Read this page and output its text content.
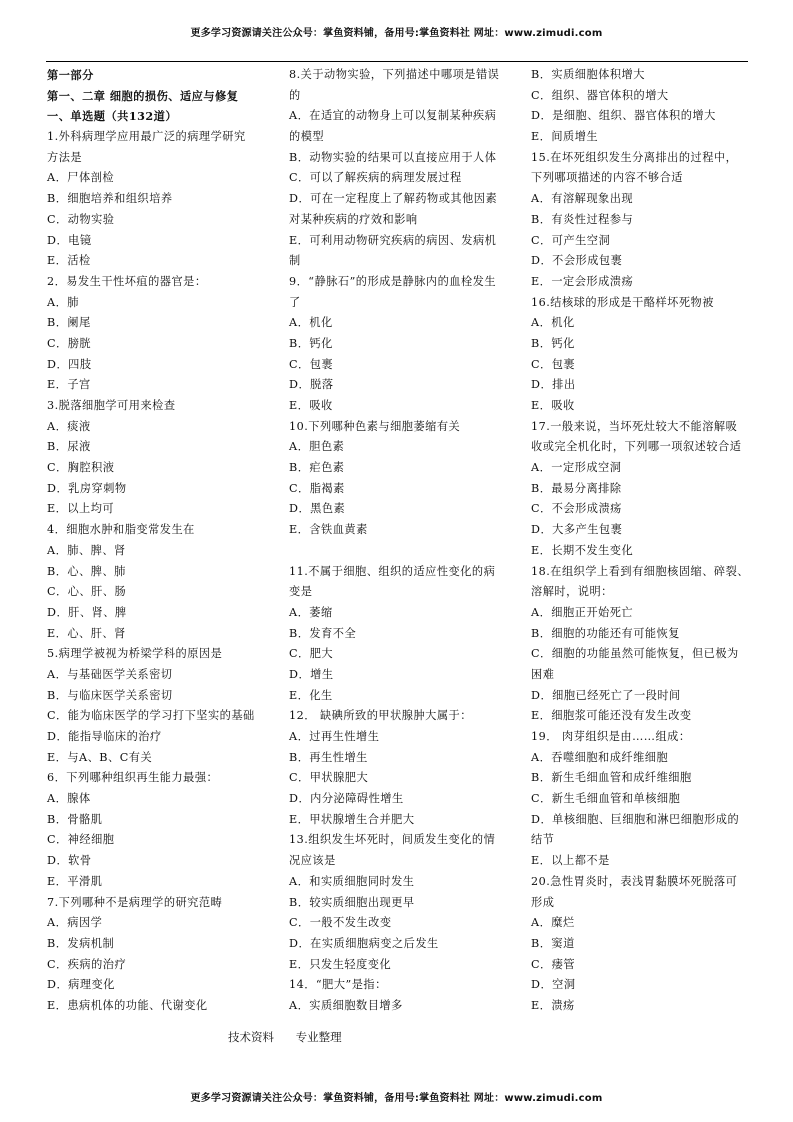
更多学习资源请关注公众号：掌鱼资料铺，备用号:掌鱼资料社 网址：www.zimudi.com
第一部分
第一、二章 细胞的损伤、适应与修复
一、单选题（共132道）
1.外科病理学应用最广泛的病理学研究
方法是
A．尸体剖检
B．细胞培养和组织培养
C．动物实验
D．电镜
E．活检
2．易发生干性坏疽的器官是：
A．肺
B．阑尾
C．膀胱
D．四肢
E．子宫
3.脱落细胞学可用来检查
A．痰液
B．尿液
C．胸腔积液
D．乳房穿刺物
E．以上均可
4．细胞水肿和脂变常发生在
A．肺、脾、肾
B．心、脾、肺
C．心、肝、肠
D．肝、肾、脾
E．心、肝、肾
5.病理学被视为桥梁学科的原因是
A．与基础医学关系密切
B．与临床医学关系密切
C．能为临床医学的学习打下坚实的基础
D．能指导临床的治疗
E．与A、B、C有关
6．下列哪种组织再生能力最强：
A．腺体
B．骨骼肌
C．神经细胞
D．软骨
E．平滑肌
7.下列哪种不是病理学的研究范畴
A．病因学
B．发病机制
C．疾病的治疗
D．病理变化
E．患病机体的功能、代谢变化
8.关于动物实验，下列描述中哪项是错误
的
A．在适宜的动物身上可以复制某种疾病
的模型
B．动物实验的结果可以直接应用于人体
C．可以了解疾病的病理发展过程
D．可在一定程度上了解药物或其他因素
对某种疾病的疗效和影响
E．可利用动物研究疾病的病因、发病机
制
9．“静脉石”的形成是静脉内的血栓发生
了
A．机化
B．钙化
C．包裹
D．脱落
E．吸收
10.下列哪种色素与细胞萎缩有关
A．胆色素
B．疟色素
C．脂褐素
D．黑色素
E．含铁血黄素
11.不属于细胞、组织的适应性变化的病
变是
A．萎缩
B．发育不全
C．肥大
D．增生
E．化生
12． 缺碘所致的甲状腺肿大属于：
A．过再生性增生
B．再生性增生
C．甲状腺肥大
D．内分泌障碍性增生
E．甲状腺增生合并肥大
13.组织发生坏死时，间质发生变化的情
况应该是
A．和实质细胞同时发生
B．较实质细胞出现更早
C．一般不发生改变
D．在实质细胞病变之后发生
E．只发生轻度变化
14．“肥大”是指：
A．实质细胞数目增多
B．实质细胞体积增大
C．组织、器官体积的增大
D．是细胞、组织、器官体积的增大
E．间质增生
15.在坏死组织发生分离排出的过程中，
下列哪项描述的内容不够合适
A．有溶解现象出现
B．有炎性过程参与
C．可产生空洞
D．不会形成包裹
E．一定会形成溃疡
16.结核球的形成是干酪样坏死物被
A．机化
B．钙化
C．包裹
D．排出
E．吸收
17.一般来说，当坏死灶较大不能溶解吸
收或完全机化时，下列哪一项叙述较合适
A．一定形成空洞
B．最易分离排除
C．不会形成溃疡
D．大多产生包裹
E．长期不发生变化
18.在组织学上看到有细胞核固缩、碎裂、
溶解时，说明：
A．细胞正开始死亡
B．细胞的功能还有可能恢复
C．细胞的功能虽然可能恢复，但已极为
困难
D．细胞已经死亡了一段时间
E．细胞浆可能还没有发生改变
19． 肉芽组织是由……组成：
A．吞噬细胞和成纤维细胞
B．新生毛细血管和成纤维细胞
C．新生毛细血管和单核细胞
D．单核细胞、巨细胞和淋巴细胞形成的
结节
E．以上都不是
20.急性胃炎时，表浅胃黏膜坏死脱落可
形成
A．糜烂
B．窦道
C．瘘管
D．空洞
E．溃疡
技术资料 专业整理
更多学习资源请关注公众号：掌鱼资料铺，备用号:掌鱼资料社 网址：www.zimudi.com
